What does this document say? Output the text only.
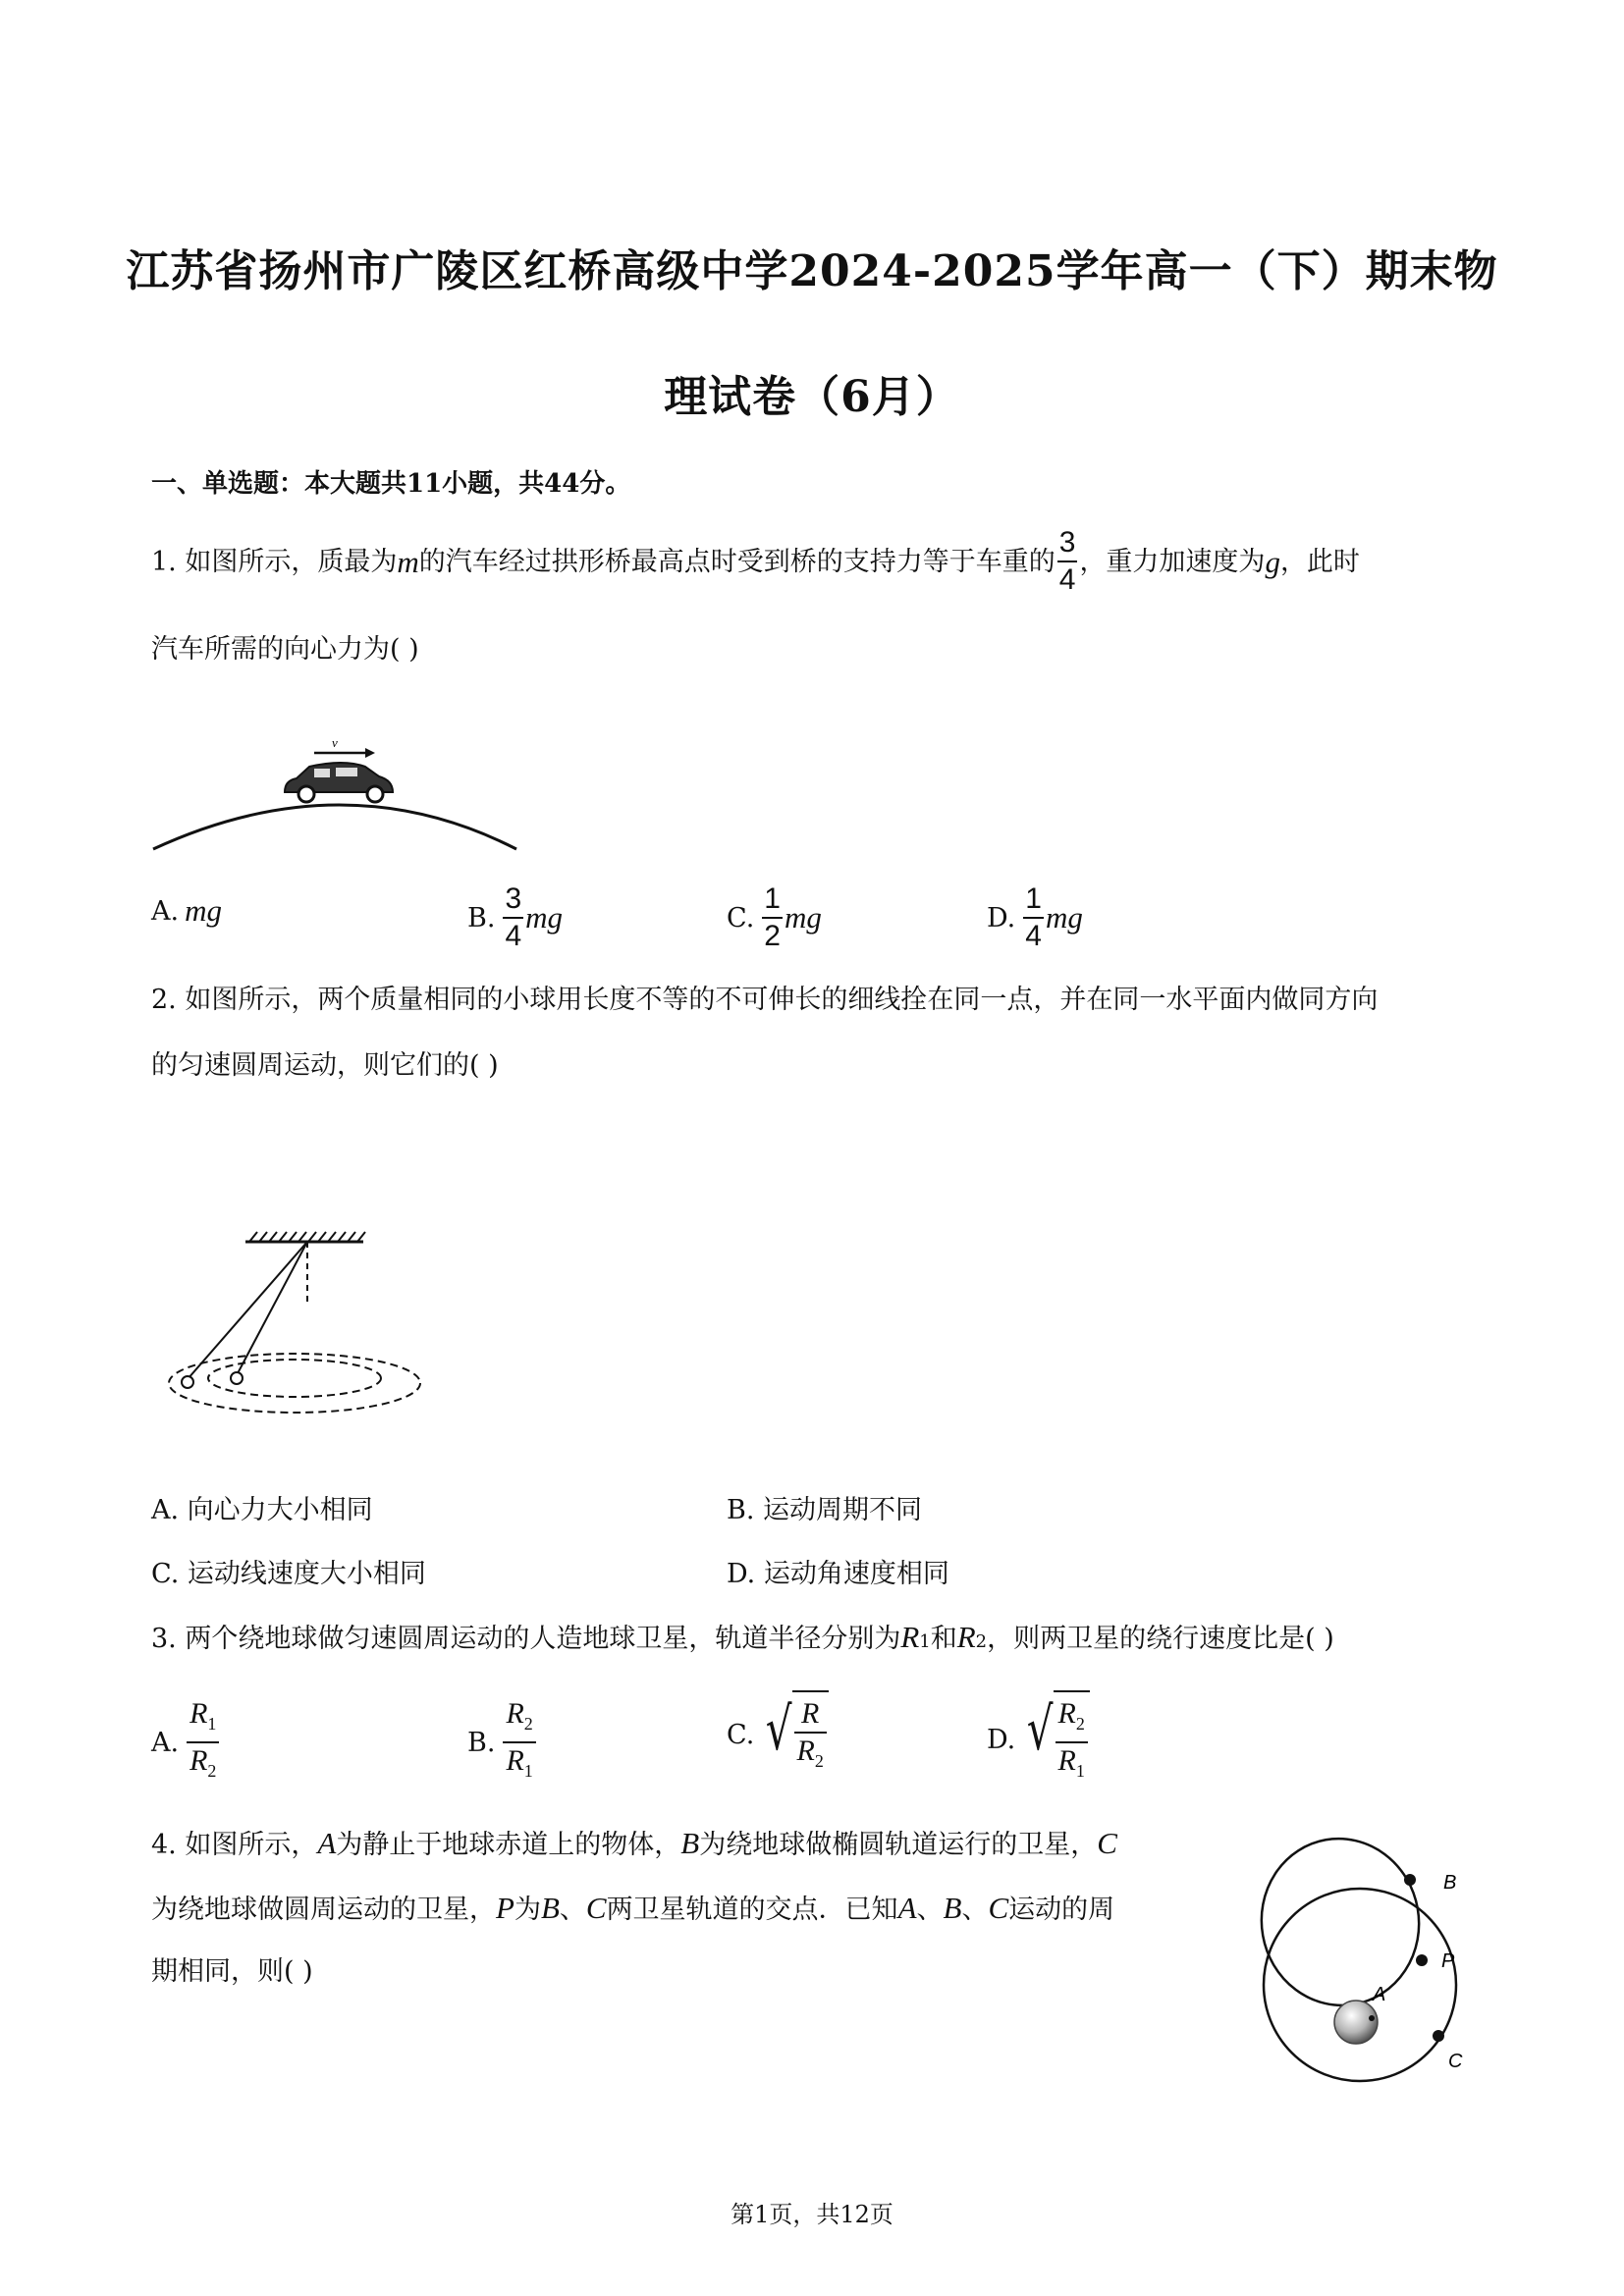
江苏省扬州市广陵区红桥高级中学2024-2025学年高一（下）期末物
理试卷（6月）
一、单选题：本大题共11小题，共44分。
1.
如图所示，质最为 m 的汽车经过拱形桥最高点时受到桥的支持力等于车重的 $\frac{3}{4}$ ，重力加速度为 g ，此时
汽车所需的向心力为( )
v
A. mg	B. $\frac{3}{4}$ mg	C. $\frac{1}{2}$ mg	D. $\frac{1}{4}$ mg
2. 如图所示，两个质量相同的小球用长度不等的不可伸长的细线拴在同一点，并在同一水平面内做同方向
的匀速圆周运动，则它们的( )
A. 向心力大小相同	B. 运动周期不同
C. 运动线速度大小相同	D. 运动角速度相同
3. 两个绕地球做匀速圆周运动的人造地球卫星，轨道半径分别为 $R_1$ 和 $R_2$ ，则两卫星的绕行速度比是( )
A. $\frac{R_1}{R_2}$	B. $\frac{R_2}{R_1}$	C. √ $\frac{R}{R_2}$	D. √ $\frac{R_2}{R_1}$
4. 如图所示， A 为静止于地球赤道上的物体， B 为绕地球做椭圆轨道运行的卫星， C
为绕地球做圆周运动的卫星， P 为 B 、 C 两卫星轨道的交点．已知 A 、 B 、 C 运动的周
期相同，则( )
B
P
A
C
第1页，共12页
